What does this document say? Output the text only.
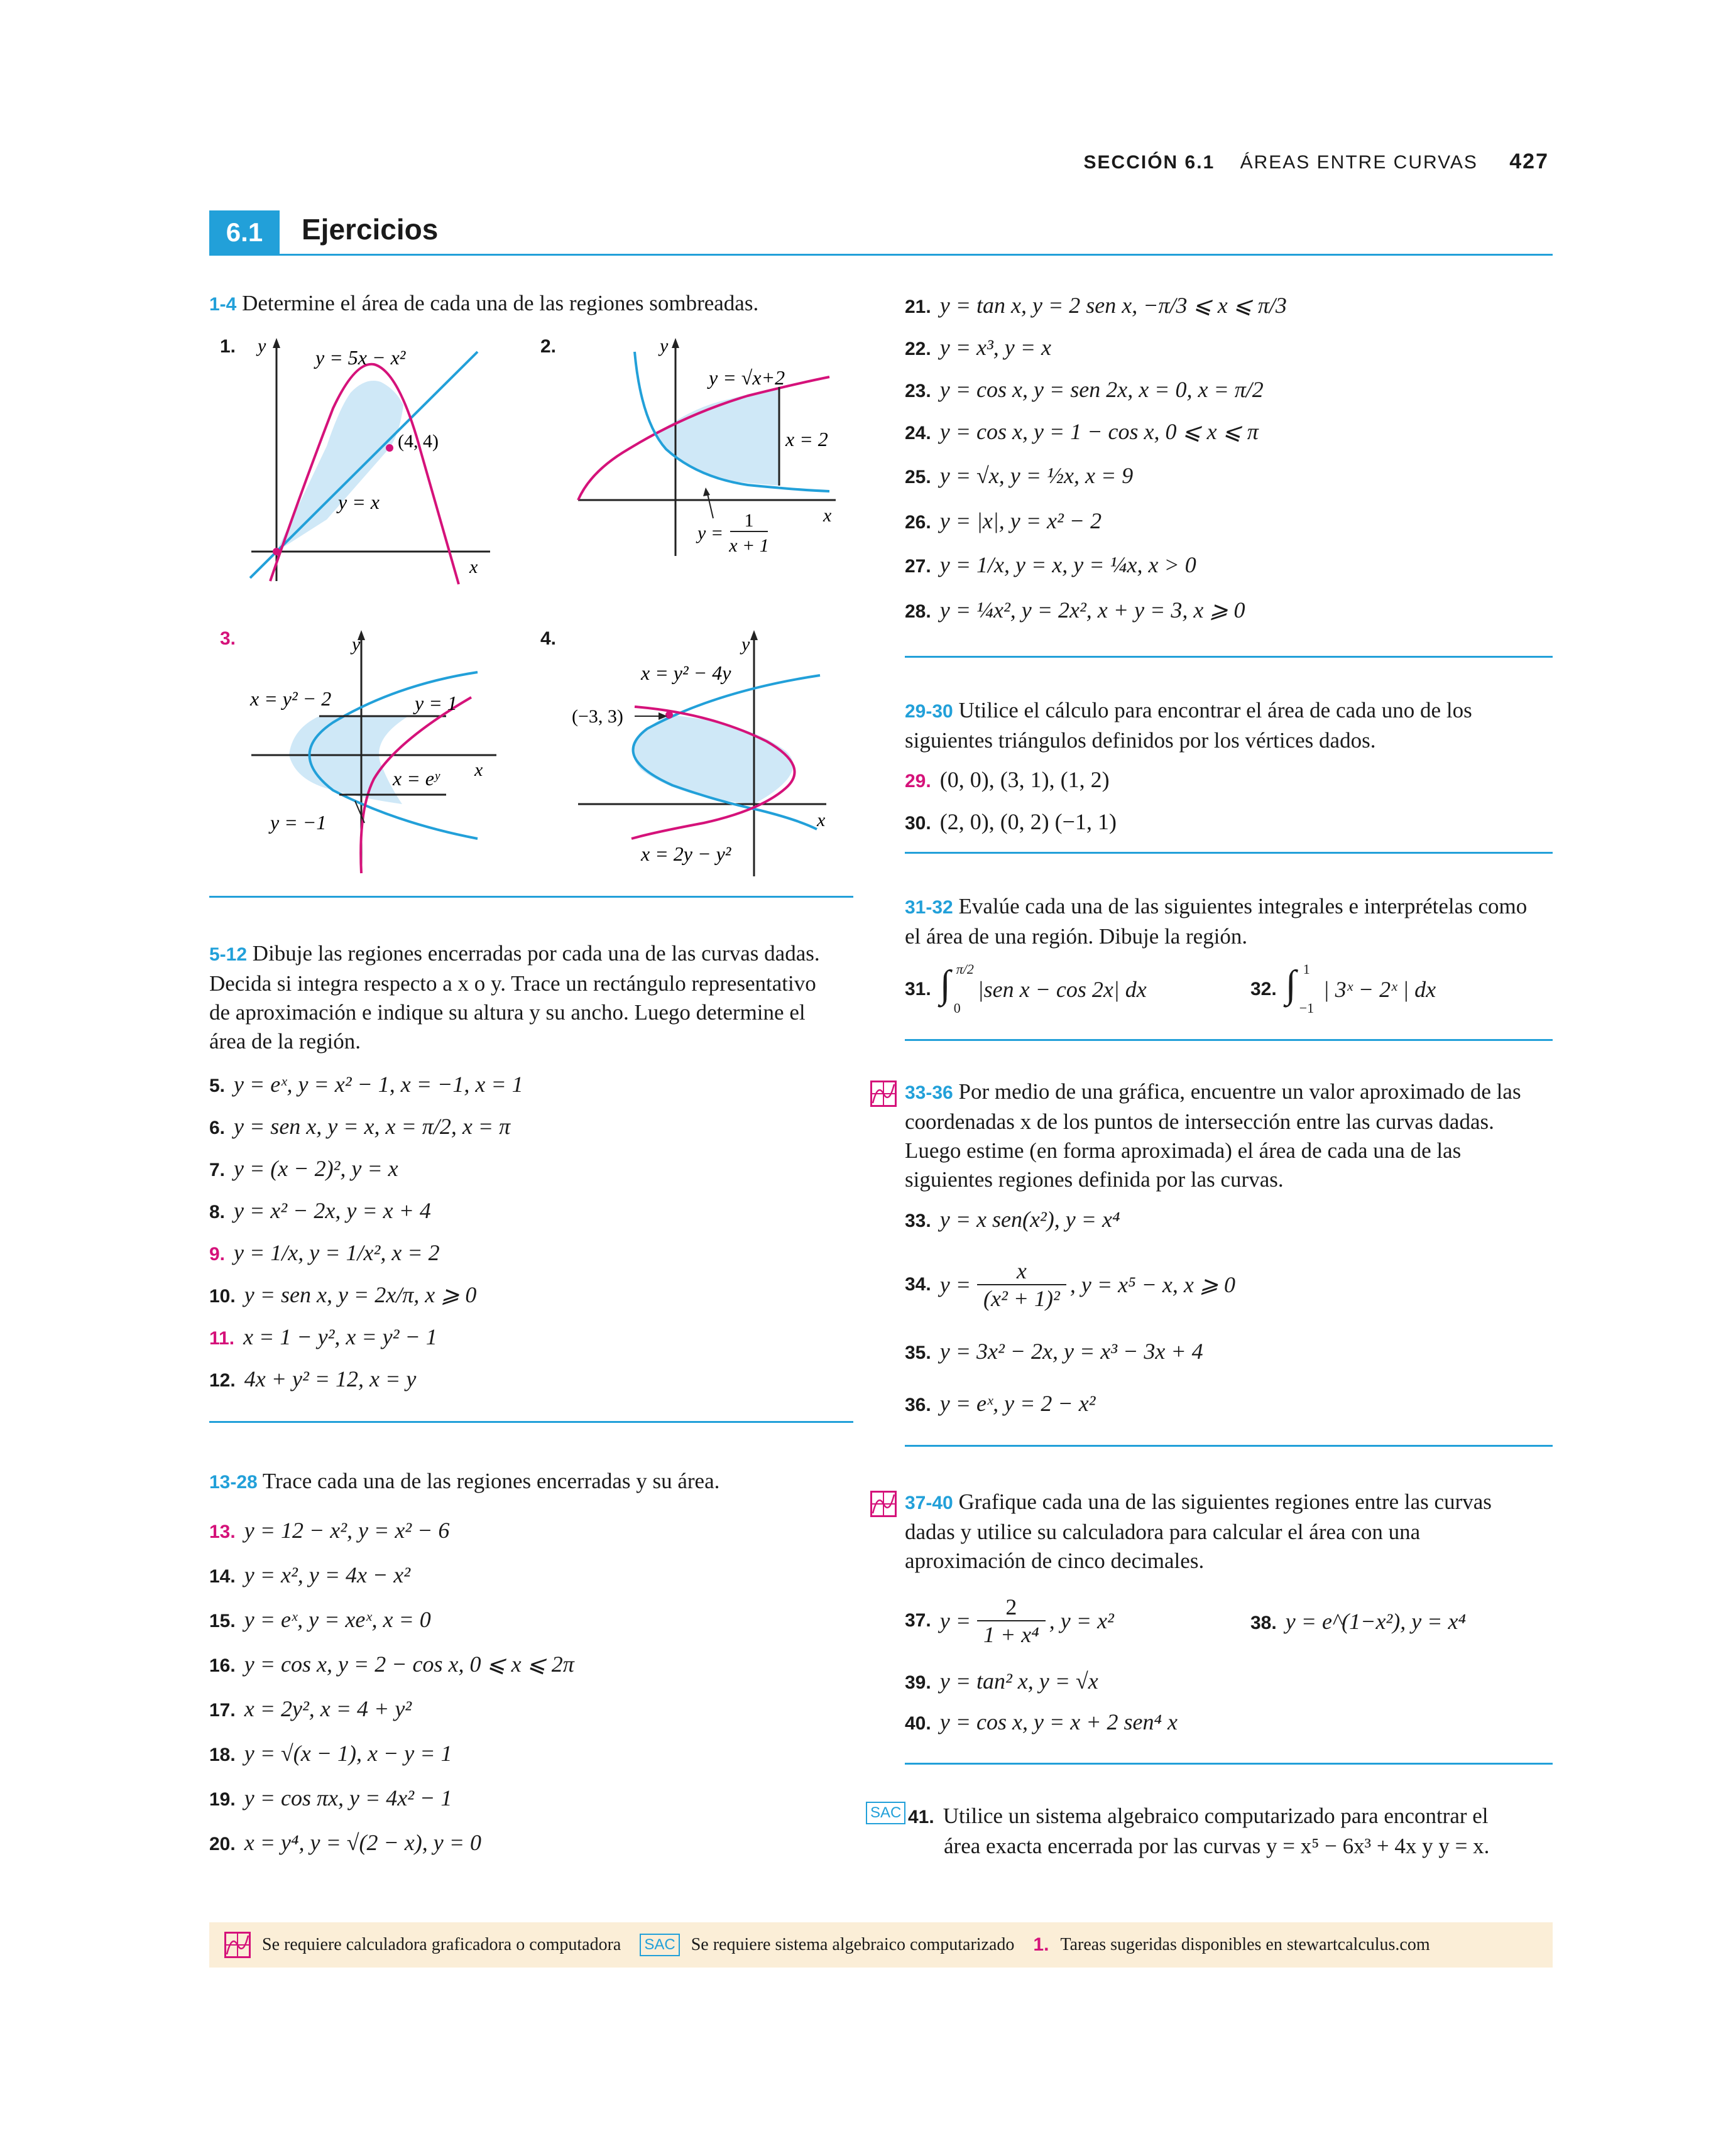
SECCIÓN 6.1 ÁREAS ENTRE CURVAS 427
6.1 Ejercicios
1-4 Determine el área de cada una de las regiones sombreadas.
1. y
y = 5x − x²
(4, 4)
y = x
x
2.	y
y = √x+2
x = 2
x
y =
1
x + 1
3.	y
x = y² − 2	y = 1
x = eʸ x
y = −1
4.	y
x = y² − 4y
(−3, 3)
x
x = 2y − y²
5-12 Dibuje las regiones encerradas por cada una de las curvas dadas. Decida si integra respecto a x o y. Trace un rectángulo representativo de aproximación e indique su altura y su ancho. Luego determine el área de la región.
5. y = eˣ, y = x² − 1, x = −1, x = 1
6. y = sen x, y = x, x = π/2, x = π
7. y = (x − 2)², y = x
8. y = x² − 2x, y = x + 4
9. y = 1/x, y = 1/x², x = 2
10. y = sen x, y = 2x/π, x ⩾ 0
11. x = 1 − y², x = y² − 1
12. 4x + y² = 12, x = y
13-28 Trace cada una de las regiones encerradas y su área.
13. y = 12 − x², y = x² − 6
14. y = x², y = 4x − x²
15. y = eˣ, y = xeˣ, x = 0
16. y = cos x, y = 2 − cos x, 0 ⩽ x ⩽ 2π
17. x = 2y², x = 4 + y²
18. y = √(x − 1), x − y = 1
19. y = cos πx, y = 4x² − 1
20. x = y⁴, y = √(2 − x), y = 0
21. y = tan x, y = 2 sen x, −π/3 ⩽ x ⩽ π/3
22. y = x³, y = x
23. y = cos x, y = sen 2x, x = 0, x = π/2
24. y = cos x, y = 1 − cos x, 0 ⩽ x ⩽ π
25. y = √x, y = ½x, x = 9
26. y = |x|, y = x² − 2
27. y = 1/x, y = x, y = ¼x, x > 0
28. y = ¼x², y = 2x², x + y = 3, x ⩾ 0
29-30 Utilice el cálculo para encontrar el área de cada uno de los siguientes triángulos definidos por los vértices dados.
29. (0, 0), (3, 1), (1, 2)
30. (2, 0), (0, 2) (−1, 1)
31-32 Evalúe cada una de las siguientes integrales e interprételas como el área de una región. Dibuje la región.
31. ∫ π/2
0
|sen x − cos 2x| dx	32. ∫ 1
−1
| 3ˣ − 2ˣ | dx
33-36 Por medio de una gráfica, encuentre un valor aproximado de las coordenadas x de los puntos de intersección entre las curvas dadas. Luego estime (en forma aproximada) el área de cada una de las siguientes regiones definida por las curvas.
33. y = x sen(x²), y = x⁴
34. y =
x
(x² + 1)²
, y = x⁵ − x, x ⩾ 0
35. y = 3x² − 2x, y = x³ − 3x + 4
36. y = eˣ, y = 2 − x²
37-40 Grafique cada una de las siguientes regiones entre las curvas dadas y utilice su calculadora para calcular el área con una aproximación de cinco decimales.
37. y =
2
1 + x⁴
, y = x²	38. y = e^(1−x²), y = x⁴
39. y = tan² x, y = √x
40. y = cos x, y = x + 2 sen⁴ x
SAC 41. Utilice un sistema algebraico computarizado para encontrar el
área exacta encerrada por las curvas y = x⁵ − 6x³ + 4x y y = x.
Se requiere calculadora graficadora o computadora SAC Se requiere sistema algebraico computarizado 1. Tareas sugeridas disponibles en stewartcalculus.com
